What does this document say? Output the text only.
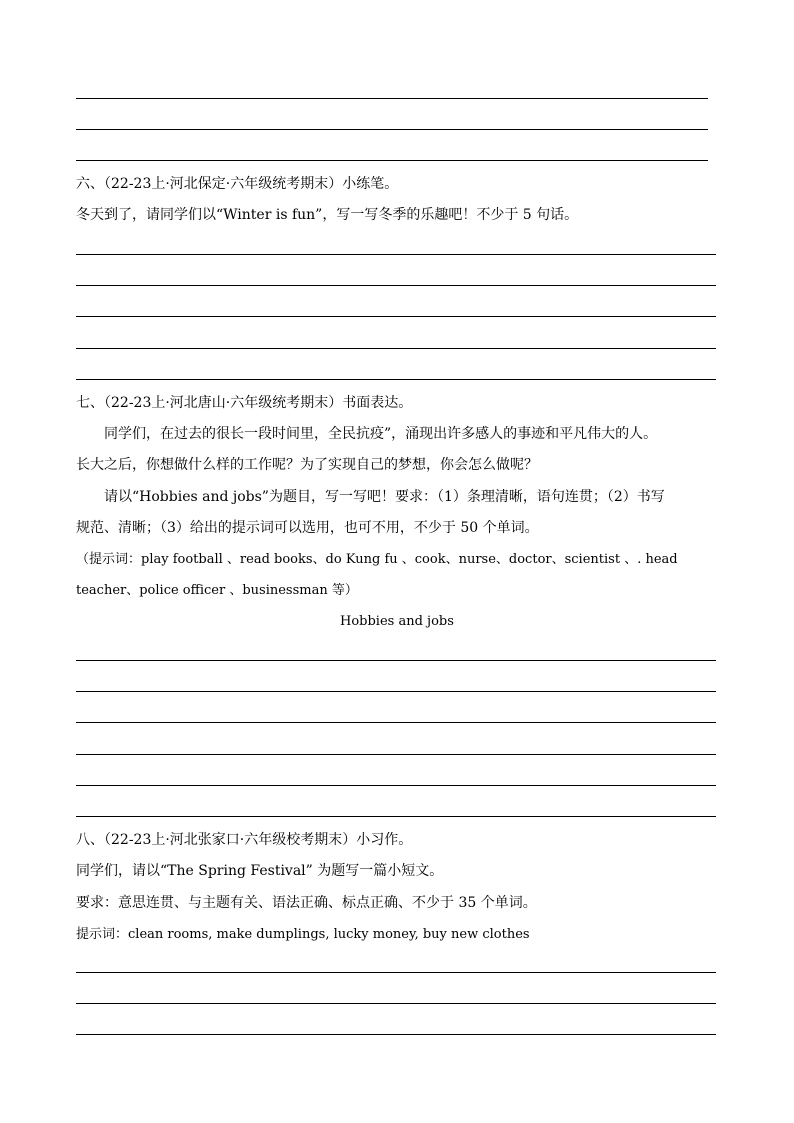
六、（22-23上·河北保定·六年级统考期末）小练笔。
冬天到了，请同学们以“Winter is fun”，写一写冬季的乐趣吧！不少于 5 句话。
七、（22-23上·河北唐山·六年级统考期末）书面表达。
同学们，在过去的很长一段时间里，全民抗疫”，涌现出许多感人的事迹和平凡伟大的人。
长大之后，你想做什么样的工作呢？为了实现自己的梦想，你会怎么做呢？
请以“Hobbies and jobs”为题目，写一写吧！要求：（1）条理清晰，语句连贯；（2）书写
规范、清晰；（3）给出的提示词可以选用，也可不用，不少于 50 个单词。
（提示词：play football 、read books、do Kung fu 、cook、nurse、doctor、scientist 、. head
teacher、police officer 、businessman 等）
Hobbies and jobs
八、（22-23上·河北张家口·六年级校考期末）小习作。
同学们，请以“The Spring Festival” 为题写一篇小短文。
要求：意思连贯、与主题有关、语法正确、标点正确、不少于 35 个单词。
提示词：clean rooms, make dumplings, lucky money, buy new clothes
